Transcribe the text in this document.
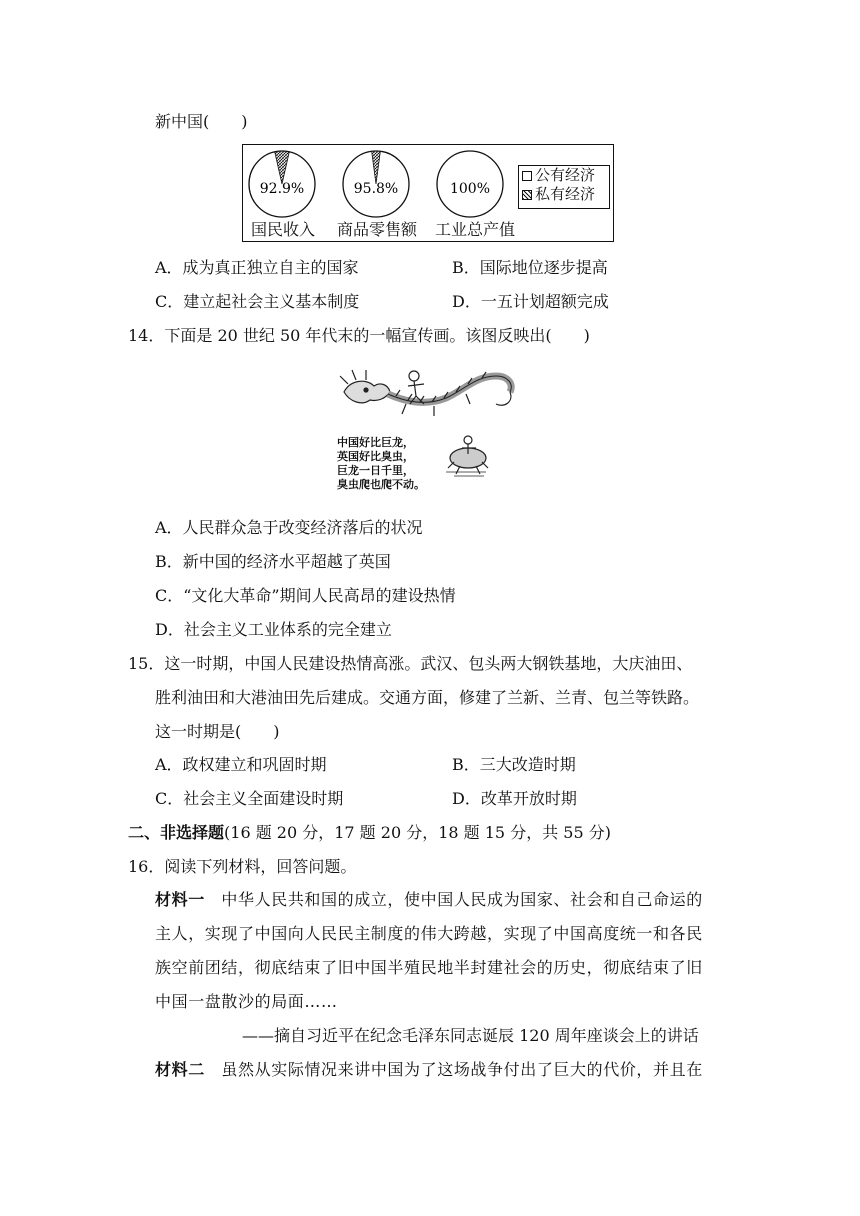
新中国(　　)
92.9%	95.8%	100%
国民收入 商品零售额 工业总产值
公有经济
私有经济
A．成为真正独立自主的国家	B．国际地位逐步提高
C．建立起社会主义基本制度	D．一五计划超额完成
14．下面是 20 世纪 50 年代末的一幅宣传画。该图反映出(　　)
中国好比巨龙，
英国好比臭虫，
巨龙一日千里，
臭虫爬也爬不动。
A．人民群众急于改变经济落后的状况
B．新中国的经济水平超越了英国
C．“文化大革命”期间人民高昂的建设热情
D．社会主义工业体系的完全建立
15．这一时期，中国人民建设热情高涨。武汉、包头两大钢铁基地，大庆油田、
胜利油田和大港油田先后建成。交通方面，修建了兰新、兰青、包兰等铁路。
这一时期是(　　)
A．政权建立和巩固时期	B．三大改造时期
C．社会主义全面建设时期	D．改革开放时期
二、非选择题(16 题 20 分，17 题 20 分，18 题 15 分，共 55 分)
16．阅读下列材料，回答问题。
材料一　中华人民共和国的成立，使中国人民成为国家、社会和自己命运的
主人，实现了中国向人民民主制度的伟大跨越，实现了中国高度统一和各民
族空前团结，彻底结束了旧中国半殖民地半封建社会的历史，彻底结束了旧
中国一盘散沙的局面……
——摘自习近平在纪念毛泽东同志诞辰 120 周年座谈会上的讲话
材料二　虽然从实际情况来讲中国为了这场战争付出了巨大的代价，并且在
